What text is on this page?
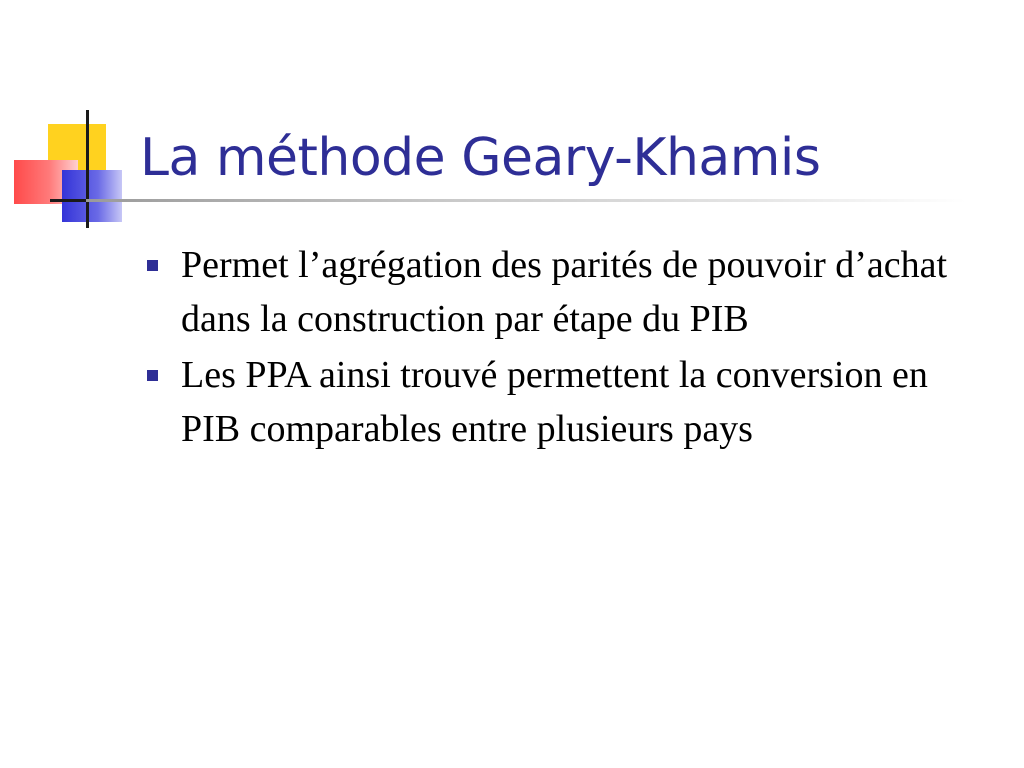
La méthode Geary-Khamis
Permet l’agrégation des parités de pouvoir d’achat dans la construction par étape du PIB
Les PPA ainsi trouvé permettent la conversion en PIB comparables entre plusieurs pays
